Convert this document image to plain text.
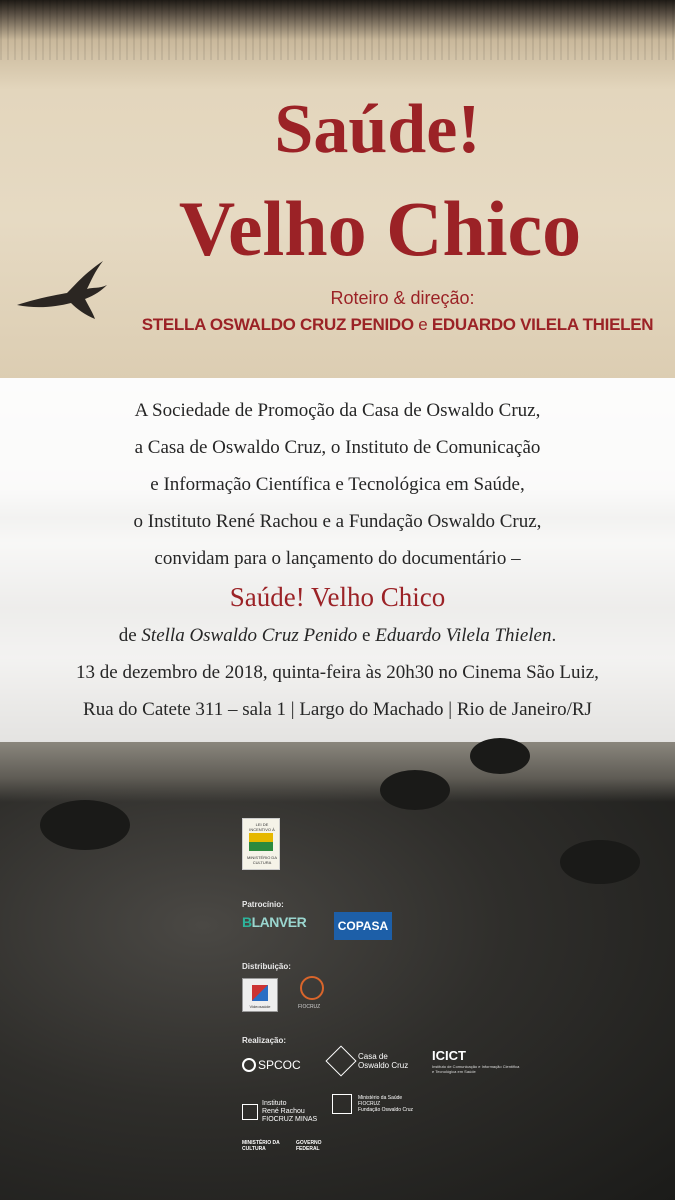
Saúde!
Velho Chico
Roteiro & direção:
STELLA OSWALDO CRUZ PENIDO e EDUARDO VILELA THIELEN

A Sociedade de Promoção da Casa de Oswaldo Cruz,

a Casa de Oswaldo Cruz, o Instituto de Comunicação

e Informação Científica e Tecnológica em Saúde,

o Instituto René Rachou e a Fundação Oswaldo Cruz,

convidam para o lançamento do documentário –

Saúde! Velho Chico

de Stella Oswaldo Cruz Penido e Eduardo Vilela Thielen.

13 de dezembro de 2018, quinta-feira às 20h30 no Cinema São Luiz,

Rua do Catete 311 – sala 1 | Largo do Machado | Rio de Janeiro/RJ

LEI DE INCENTIVO À
MINISTÉRIO DA CULTURA
Patrocínio:
BLANVER	COPASA
Distribuição:
Videosaúde	FIOCRUZ
Realização:
SPCOC
Casa de
Oswaldo Cruz
ICICT
Instituto de Comunicação e Informação Científica e Tecnológica em Saúde
Instituto
René Rachou
FIOCRUZ MINAS
Ministério da Saúde
FIOCRUZ
Fundação Oswaldo Cruz
MINISTÉRIO DA
CULTURA
GOVERNO
FEDERAL
